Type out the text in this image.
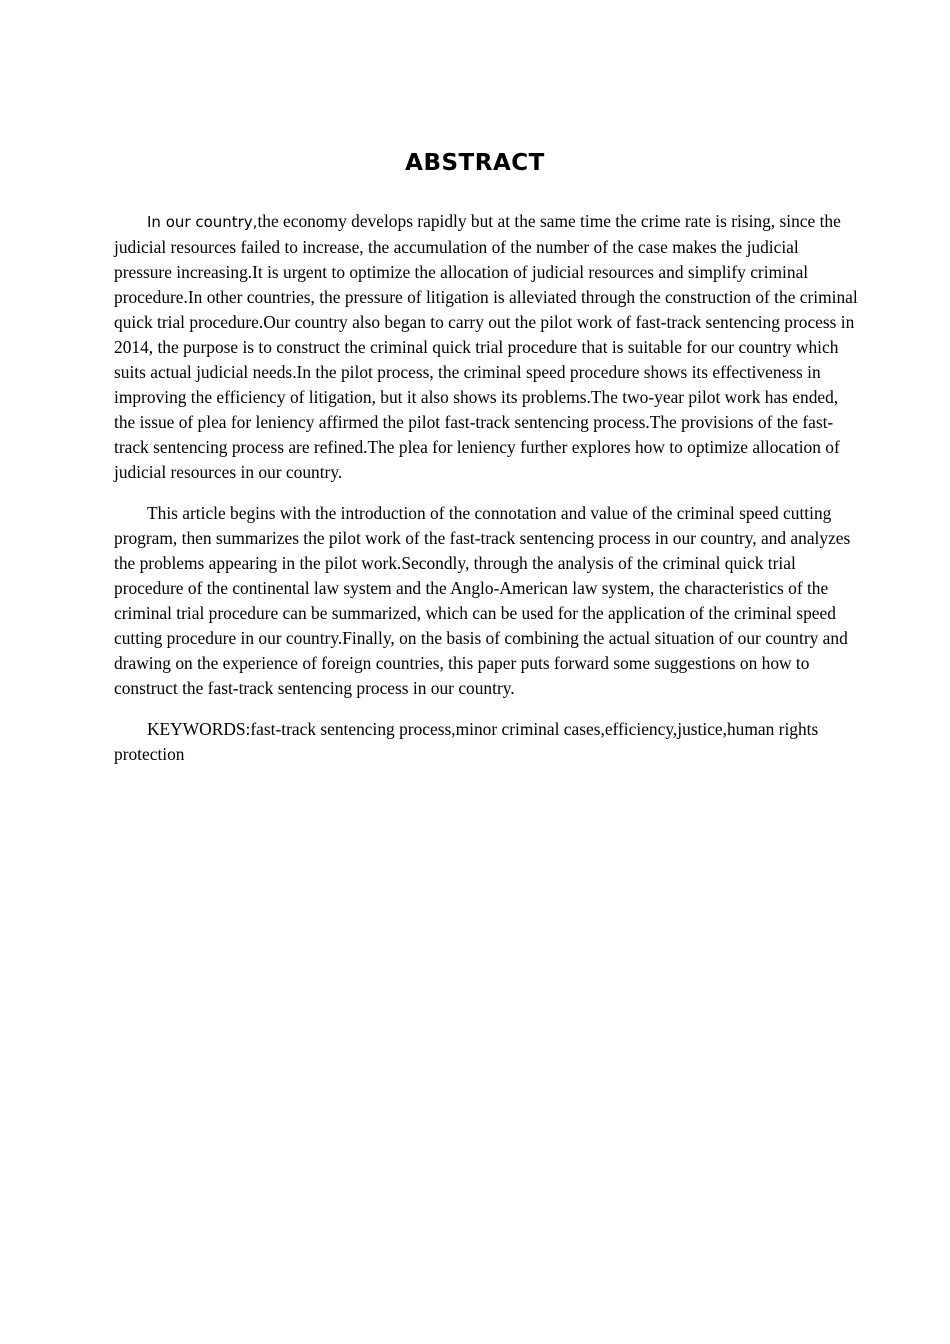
ABSTRACT

In our country,the economy develops rapidly but at the same time the crime rate is rising, since the judicial resources failed to increase, the accumulation of the number of the case makes the judicial pressure increasing.It is urgent to optimize the allocation of judicial resources and simplify criminal procedure.In other countries, the pressure of litigation is alleviated through the construction of the criminal quick trial procedure.Our country also began to carry out the pilot work of fast-track sentencing process in 2014, the purpose is to construct the criminal quick trial procedure that is suitable for our country which suits actual judicial needs.In the pilot process, the criminal speed procedure shows its effectiveness in improving the efficiency of litigation, but it also shows its problems.The two-year pilot work has ended, the issue of plea for leniency affirmed the pilot fast-track sentencing process.The provisions of the fast-track sentencing process are refined.The plea for leniency further explores how to optimize allocation of judicial resources in our country.

This article begins with the introduction of the connotation and value of the criminal speed cutting program, then summarizes the pilot work of the fast-track sentencing process in our country, and analyzes the problems appearing in the pilot work.Secondly, through the analysis of the criminal quick trial procedure of the continental law system and the Anglo-American law system, the characteristics of the criminal trial procedure can be summarized, which can be used for the application of the criminal speed cutting procedure in our country.Finally, on the basis of combining the actual situation of our country and drawing on the experience of foreign countries, this paper puts forward some suggestions on how to construct the fast-track sentencing process in our country.

KEYWORDS:fast-track sentencing process,minor criminal cases,efficiency,justice,human rights protection
